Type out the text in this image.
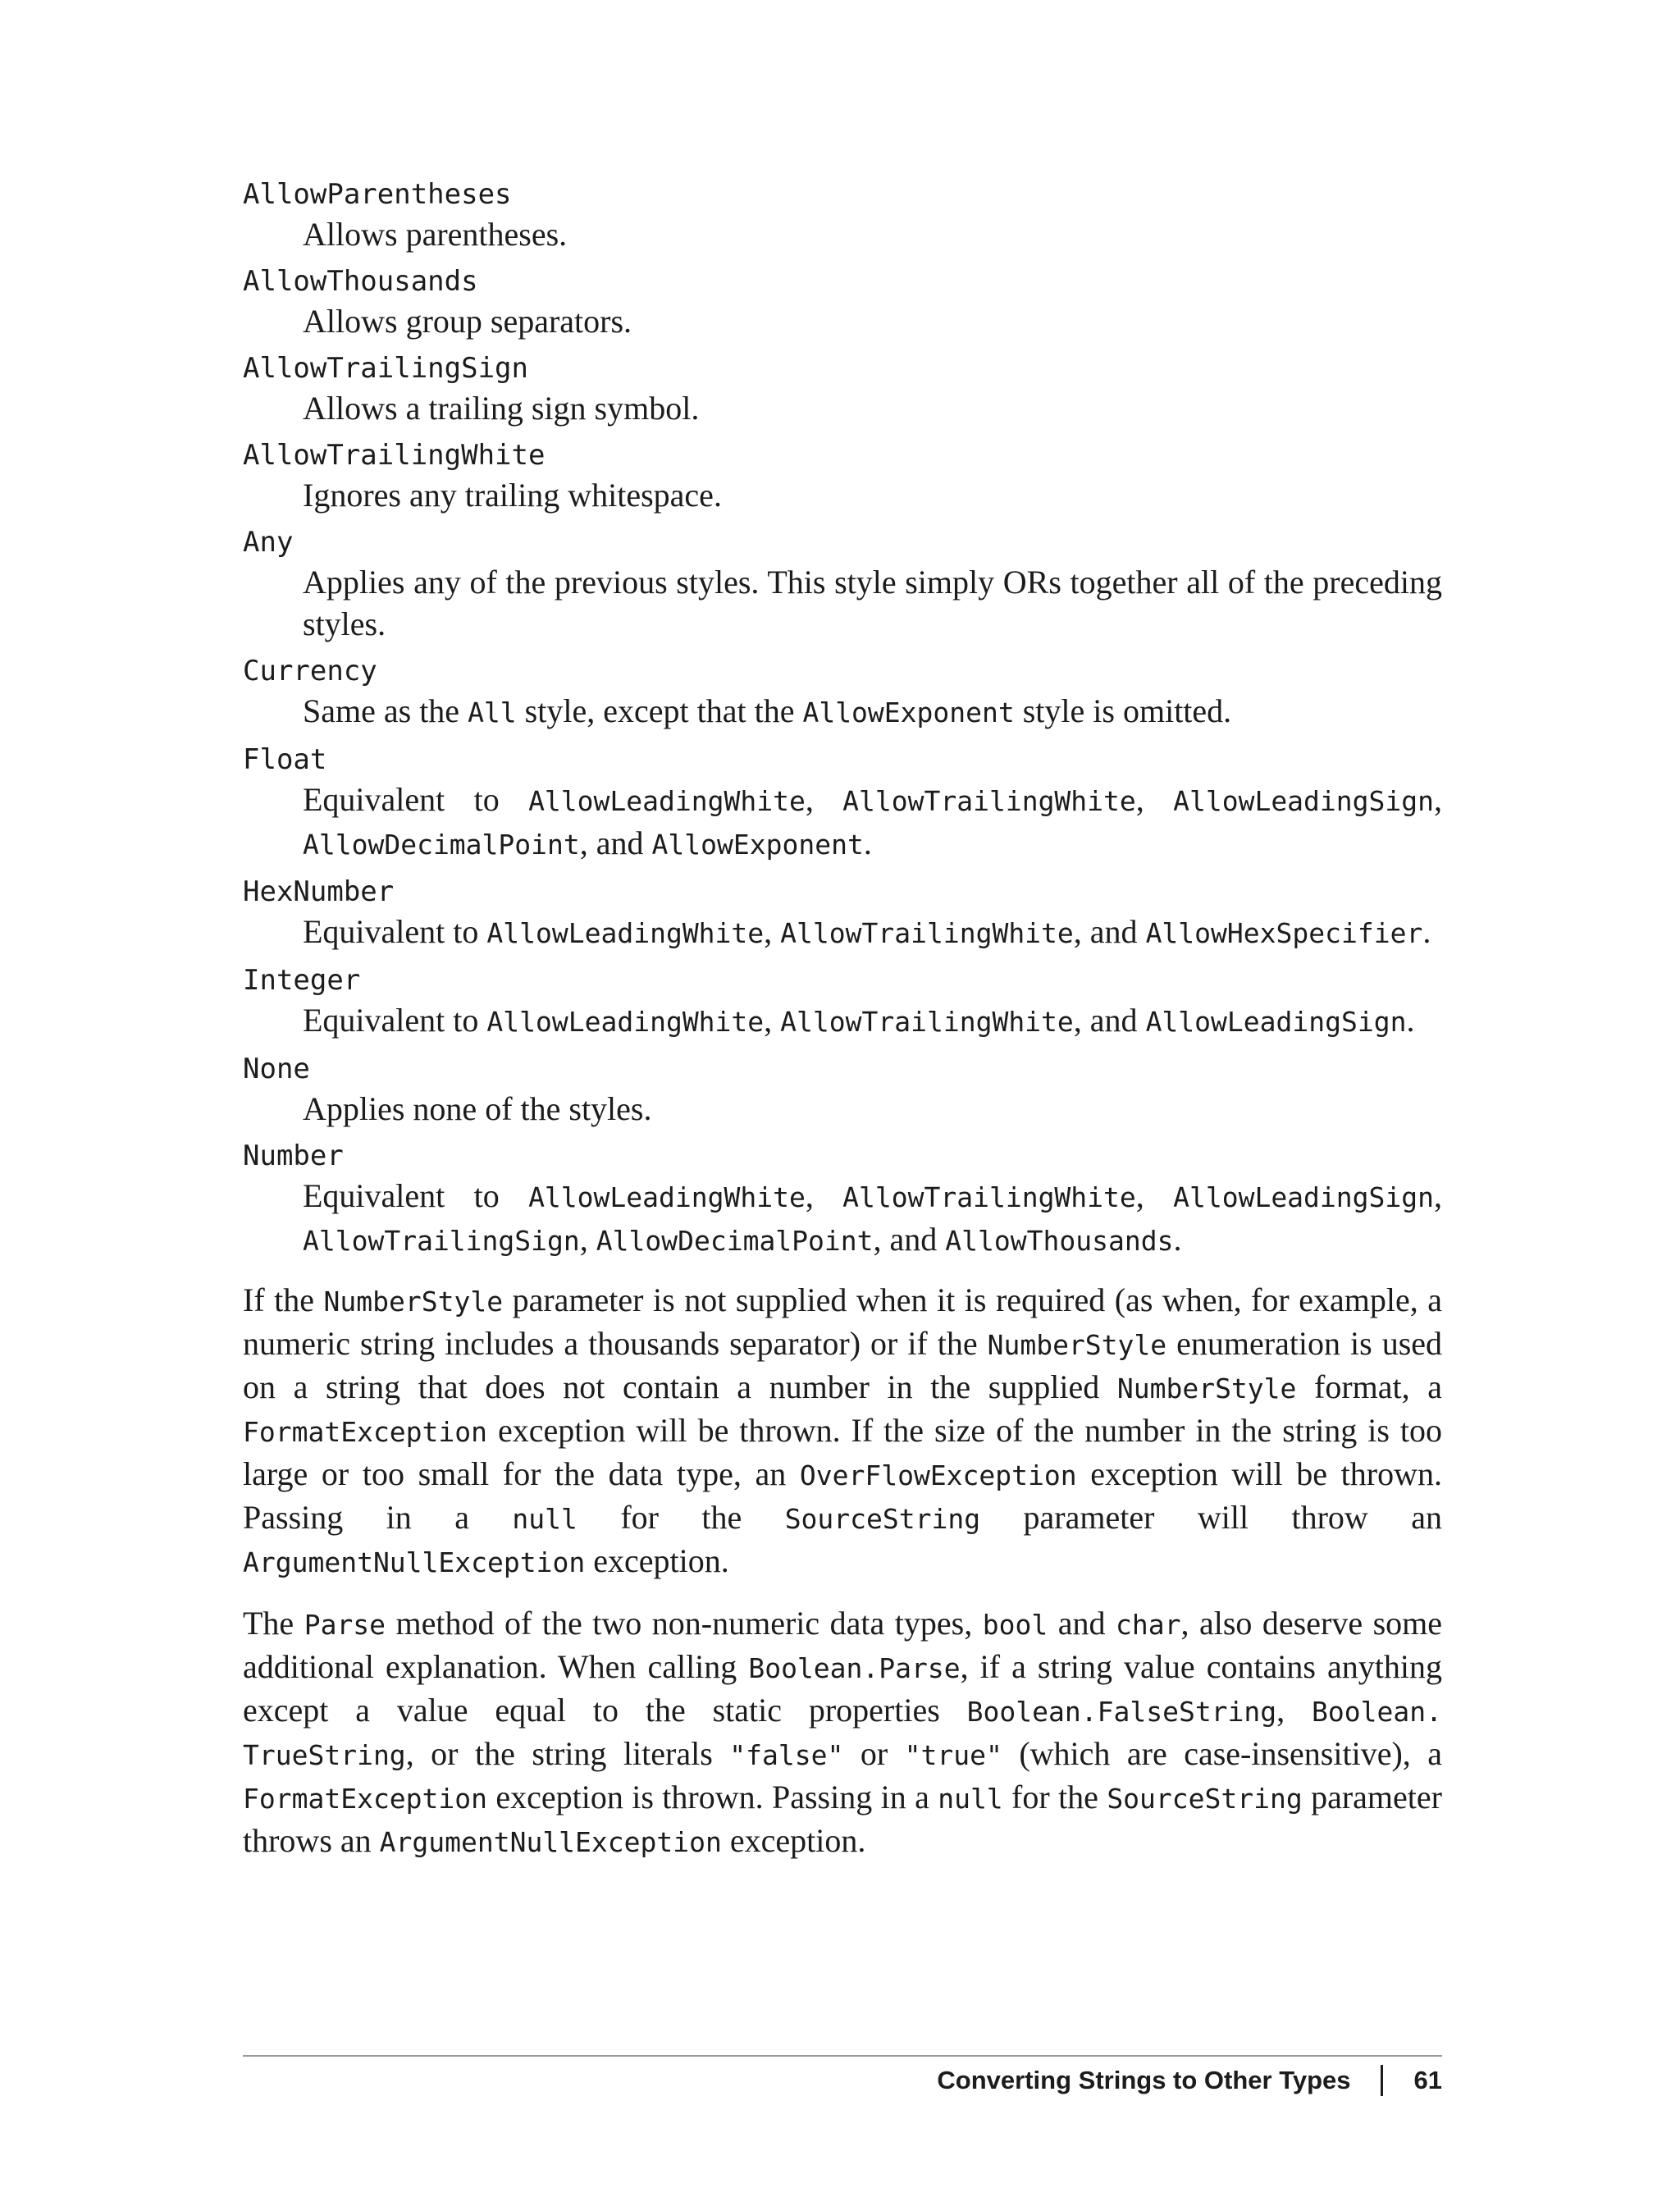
AllowParentheses
Allows parentheses.
AllowThousands
Allows group separators.
AllowTrailingSign
Allows a trailing sign symbol.
AllowTrailingWhite
Ignores any trailing whitespace.
Any
Applies any of the previous styles. This style simply ORs together all of the preceding styles.
Currency
Same as the All style, except that the AllowExponent style is omitted.
Float
Equivalent to AllowLeadingWhite, AllowTrailingWhite, AllowLeadingSign, AllowDecimalPoint, and AllowExponent.
HexNumber
Equivalent to AllowLeadingWhite, AllowTrailingWhite, and AllowHexSpecifier.
Integer
Equivalent to AllowLeadingWhite, AllowTrailingWhite, and AllowLeadingSign.
None
Applies none of the styles.
Number
Equivalent to AllowLeadingWhite, AllowTrailingWhite, AllowLeadingSign, AllowTrailingSign, AllowDecimalPoint, and AllowThousands.

If the NumberStyle parameter is not supplied when it is required (as when, for example, a numeric string includes a thousands separator) or if the NumberStyle enumeration is used on a string that does not contain a number in the supplied NumberStyle format, a FormatException exception will be thrown. If the size of the number in the string is too large or too small for the data type, an OverFlowException exception will be thrown. Passing in a null for the SourceString parameter will throw an ArgumentNullException exception.

The Parse method of the two non-numeric data types, bool and char, also deserve some additional explanation. When calling Boolean.Parse, if a string value contains anything except a value equal to the static properties Boolean.FalseString, Boolean.​TrueString, or the string literals "false" or "true" (which are case-insensitive), a FormatException exception is thrown. Passing in a null for the SourceString parameter throws an ArgumentNullException exception.

Converting Strings to Other Types 61
